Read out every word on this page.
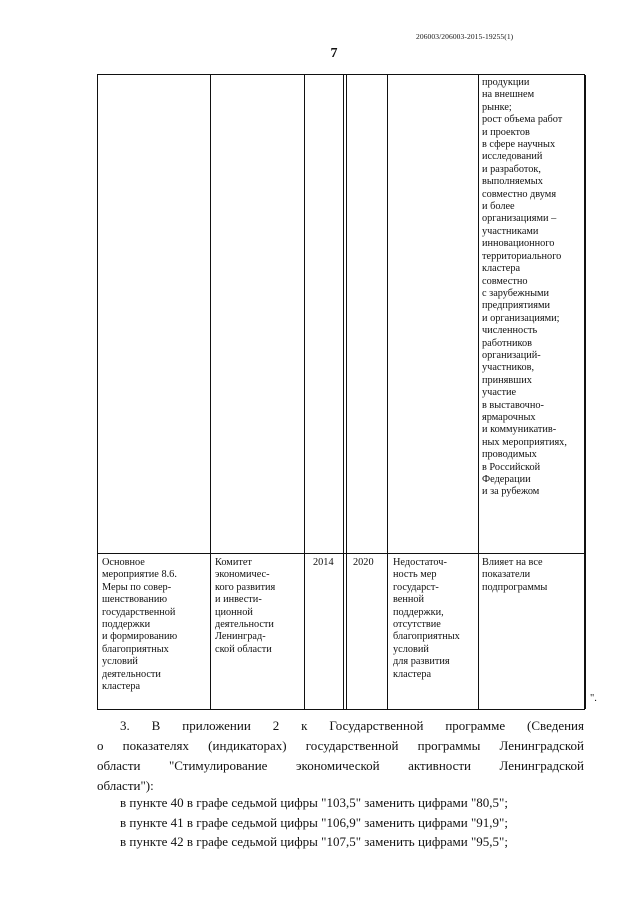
206003/206003-2015-19255(1)
7
продукции
на внешнем
рынке;
рост объема работ
и проектов
в сфере научных
исследований
и разработок,
выполняемых
совместно двумя
и более
организациями –
участниками
инновационного
территориального
кластера
совместно
с зарубежными
предприятиями
и организациями;
численность
работников
организаций-
участников,
принявших
участие
в выставочно-
ярмарочных
и коммуникатив-
ных мероприятиях,
проводимых
в Российской
Федерации
и за рубежом
Основное
мероприятие 8.6.
Меры по совер-
шенствованию
государственной
поддержки
и формированию
благоприятных
условий
деятельности
кластера
Комитет
экономичес-
кого развития
и инвести-
ционной
деятельности
Ленинград-
ской области
2014 2020 Недостаточ-
ность мер
государст-
венной
поддержки,
отсутствие
благоприятных
условий
для развития
кластера
Влияет на все
показатели
подпрограммы
".
3. В приложении 2 к Государственной программе (Сведения
о показателях (индикаторах) государственной программы Ленинградской
области "Стимулирование экономической активности Ленинградской
области"):
в пункте 40 в графе седьмой цифры "103,5" заменить цифрами "80,5";
в пункте 41 в графе седьмой цифры "106,9" заменить цифрами "91,9";
в пункте 42 в графе седьмой цифры "107,5" заменить цифрами "95,5";
